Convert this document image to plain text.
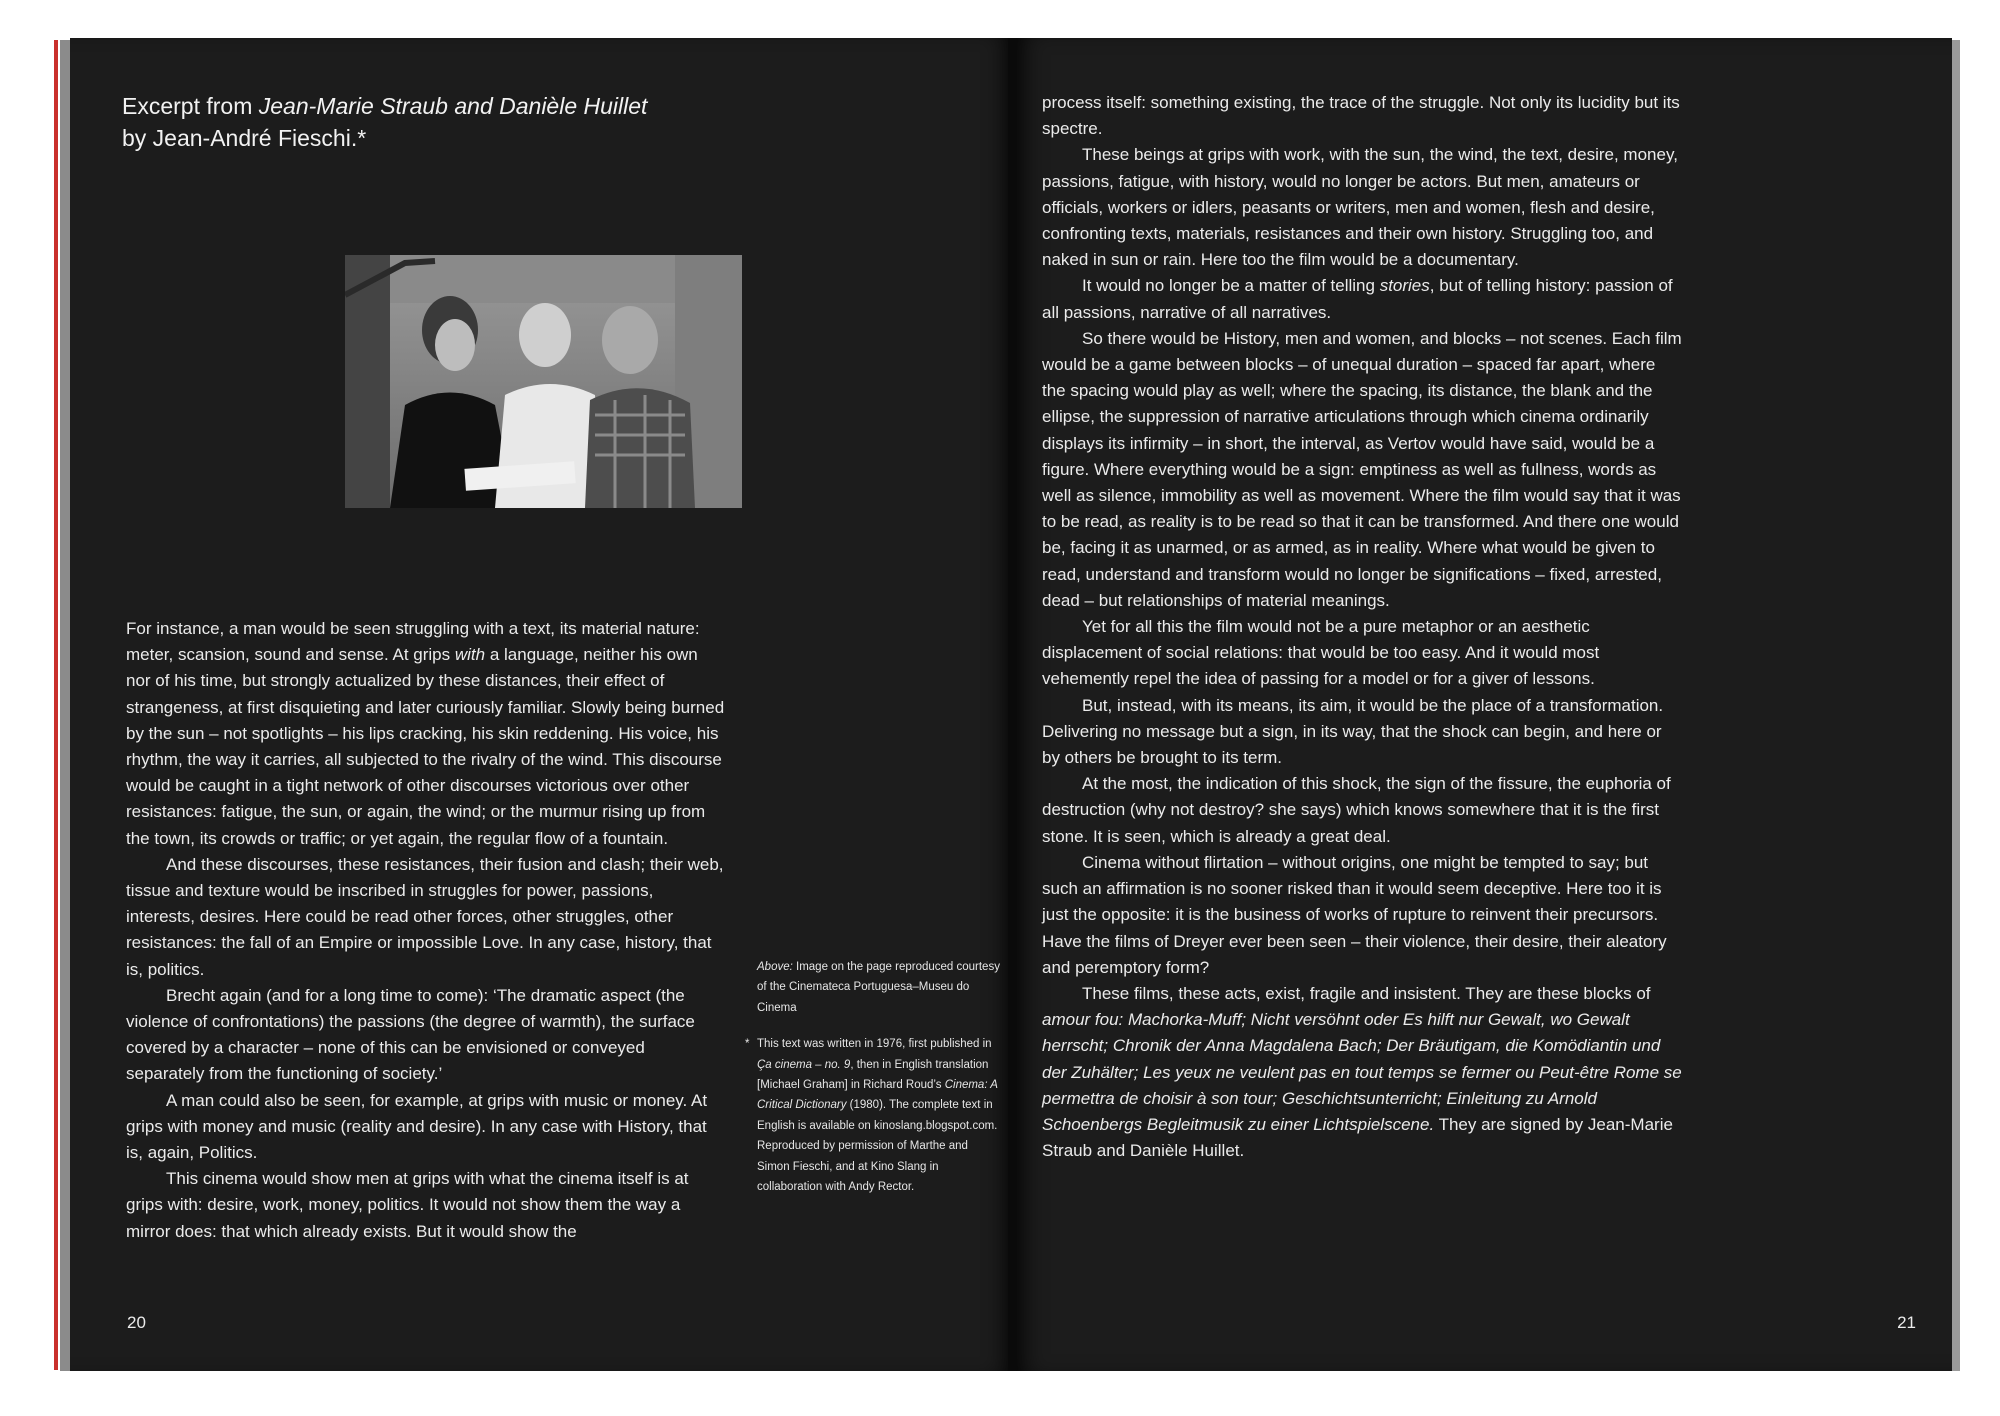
Excerpt from Jean-Marie Straub and Danièle Huillet
by Jean-André Fieschi.*

For instance, a man would be seen struggling with a text, its material nature: meter, scansion, sound and sense. At grips with a language, neither his own nor of his time, but strongly actualized by these distances, their effect of strangeness, at first disquieting and later curiously familiar. Slowly being burned by the sun – not spotlights – his lips cracking, his skin reddening. His voice, his rhythm, the way it carries, all subjected to the rivalry of the wind. This discourse would be caught in a tight network of other discourses victorious over other resistances: fatigue, the sun, or again, the wind; or the murmur rising up from the town, its crowds or traffic; or yet again, the regular flow of a fountain.

And these discourses, these resistances, their fusion and clash; their web, tissue and texture would be inscribed in struggles for power, passions, interests, desires. Here could be read other forces, other struggles, other resistances: the fall of an Empire or impossible Love. In any case, history, that is, politics.

Brecht again (and for a long time to come): ‘The dramatic aspect (the violence of confrontations) the passions (the degree of warmth), the surface covered by a character – none of this can be envisioned or conveyed separately from the functioning of society.’

A man could also be seen, for example, at grips with music or money. At grips with money and music (reality and desire). In any case with History, that is, again, Politics.

This cinema would show men at grips with what the cinema itself is at grips with: desire, work, money, politics. It would not show them the way a mirror does: that which already exists. But it would show the

Above: Image on the page reproduced courtesy of the Cinemateca Portuguesa–Museu do Cinema

* This text was written in 1976, first published in Ça cinema – no. 9, then in English translation [Michael Graham] in Richard Roud’s Cinema: A Critical Dictionary (1980). The complete text in English is available on kinoslang.blogspot.com. Reproduced by permission of Marthe and Simon Fieschi, and at Kino Slang in collaboration with Andy Rector.

20

process itself: something existing, the trace of the struggle. Not only its lucidity but its spectre.

These beings at grips with work, with the sun, the wind, the text, desire, money, passions, fatigue, with history, would no longer be actors. But men, amateurs or officials, workers or idlers, peasants or writers, men and women, flesh and desire, confronting texts, materials, resistances and their own history. Struggling too, and naked in sun or rain. Here too the film would be a documentary.

It would no longer be a matter of telling stories, but of telling history: passion of all passions, narrative of all narratives.

So there would be History, men and women, and blocks – not scenes. Each film would be a game between blocks – of unequal duration – spaced far apart, where the spacing would play as well; where the spacing, its distance, the blank and the ellipse, the suppression of narrative articulations through which cinema ordinarily displays its infirmity – in short, the interval, as Vertov would have said, would be a figure. Where everything would be a sign: emptiness as well as fullness, words as well as silence, immobility as well as movement. Where the film would say that it was to be read, as reality is to be read so that it can be transformed. And there one would be, facing it as unarmed, or as armed, as in reality. Where what would be given to read, understand and transform would no longer be significations – fixed, arrested, dead – but relationships of material meanings.

Yet for all this the film would not be a pure metaphor or an aesthetic displacement of social relations: that would be too easy. And it would most vehemently repel the idea of passing for a model or for a giver of lessons.

But, instead, with its means, its aim, it would be the place of a transformation. Delivering no message but a sign, in its way, that the shock can begin, and here or by others be brought to its term.

At the most, the indication of this shock, the sign of the fissure, the euphoria of destruction (why not destroy? she says) which knows somewhere that it is the first stone. It is seen, which is already a great deal.

Cinema without flirtation – without origins, one might be tempted to say; but such an affirmation is no sooner risked than it would seem deceptive. Here too it is just the opposite: it is the business of works of rupture to reinvent their precursors. Have the films of Dreyer ever been seen – their violence, their desire, their aleatory and peremptory form?

These films, these acts, exist, fragile and insistent. They are these blocks of amour fou: Machorka-Muff; Nicht versöhnt oder Es hilft nur Gewalt, wo Gewalt herrscht; Chronik der Anna Magdalena Bach; Der Bräutigam, die Komödiantin und der Zuhälter; Les yeux ne veulent pas en tout temps se fermer ou Peut-être Rome se permettra de choisir à son tour; Geschichtsunterricht; Einleitung zu Arnold Schoenbergs Begleitmusik zu einer Lichtspielscene. They are signed by Jean-Marie Straub and Danièle Huillet.

21
